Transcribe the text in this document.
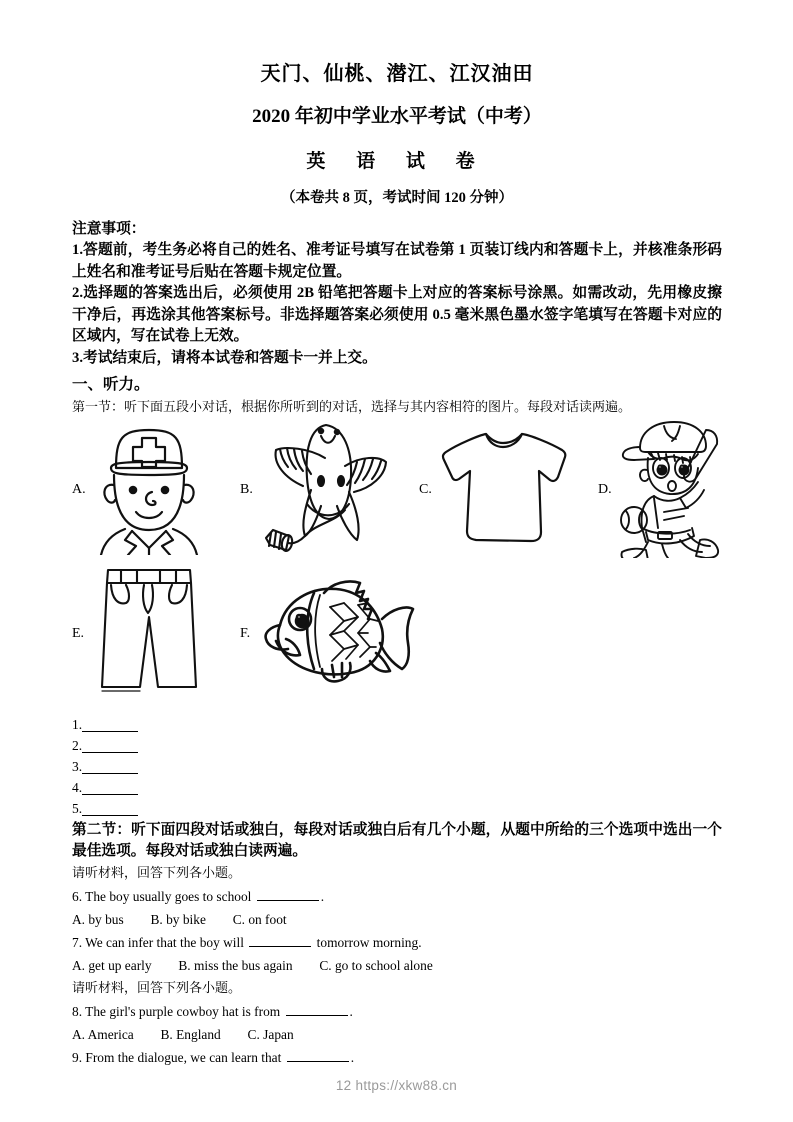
天门、仙桃、潜江、江汉油田
2020 年初中学业水平考试（中考）
英 语 试 卷
（本卷共 8 页，考试时间 120 分钟）

注意事项：

1.答题前，考生务必将自己的姓名、准考证号填写在试卷第 1 页装订线内和答题卡上，并核准条形码上姓名和准考证号后贴在答题卡规定位置。

2.选择题的答案选出后，必须使用 2B 铅笔把答题卡上对应的答案标号涂黑。如需改动，先用橡皮擦干净后，再选涂其他答案标号。非选择题答案必须使用 0.5 毫米黑色墨水签字笔填写在答题卡对应的区域内，写在试卷上无效。

3.考试结束后，请将本试卷和答题卡一并上交。

一、听力。
第一节：听下面五段小对话，根据你所听到的对话，选择与其内容相符的图片。每段对话读两遍。
A.	B.	C.	D.
E.	F.
1.
2.
3.
4.
5.
第二节：听下面四段对话或独白，每段对话或独白后有几个小题，从题中所给的三个选项中选出一个最佳选项。每段对话或独白读两遍。
请听材料，回答下列各小题。
6. The boy usually goes to school	.
A. by bus        B. by bike        C. on foot
7. We can infer that the boy will	tomorrow morning.
A. get up early        B. miss the bus again        C. go to school alone
请听材料，回答下列各小题。
8. The girl's purple cowboy hat is from	.
A. America        B. England        C. Japan
9. From the dialogue, we can learn that	.
12 https://xkw88.cn
